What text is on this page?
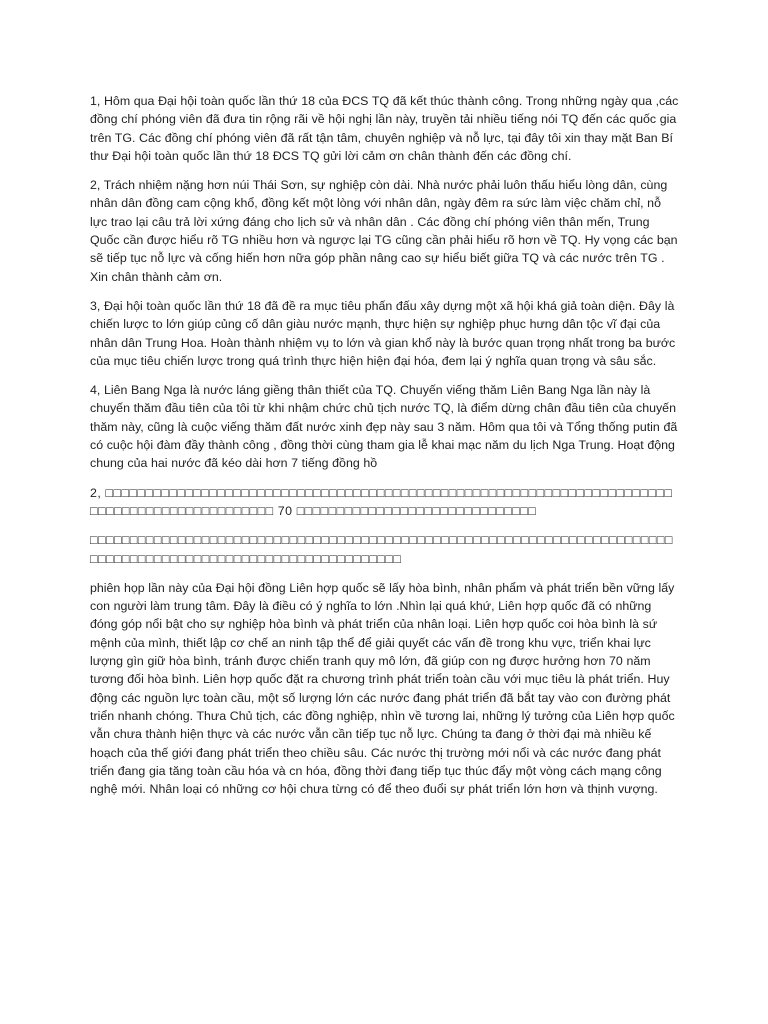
1, Hôm qua Đại hội toàn quốc lần thứ 18 của ĐCS TQ đã kết thúc thành công. Trong những ngày qua ,các đồng chí phóng viên đã đưa tin rộng rãi về hội nghị lần này, truyền tải nhiều tiếng nói TQ đến các quốc gia trên TG. Các đồng chí phóng viên đã rất tận tâm, chuyên nghiệp và nỗ lực, tại đây tôi xin thay mặt Ban Bí thư Đại hội toàn quốc lần thứ 18 ĐCS TQ gửi lời cảm ơn chân thành đến các đồng chí.

2, Trách nhiệm nặng hơn núi Thái Sơn, sự nghiệp còn dài. Nhà nước phải luôn thấu hiểu lòng dân, cùng nhân dân đồng cam cộng khổ, đồng kết một lòng với nhân dân, ngày đêm ra sức làm việc chăm chỉ, nỗ lực trao lại câu trả lời xứng đáng cho lịch sử và nhân dân . Các đồng chí phóng viên thân mến, Trung Quốc cần được hiểu rõ TG nhiều hơn và ngược lại TG cũng cần phải hiểu rõ hơn về TQ. Hy vọng các bạn sẽ tiếp tục nỗ lực và cống hiến hơn nữa góp phần nâng cao sự hiểu biết giữa TQ và các nước trên TG . Xin chân thành cảm ơn.

3, Đại hội toàn quốc lần thứ 18 đã đề ra mục tiêu phấn đấu xây dựng một xã hội khá giả toàn diện. Đây là chiến lược to lớn giúp củng cố dân giàu nước mạnh, thực hiện sự nghiệp phục hưng dân tộc vĩ đại của nhân dân Trung Hoa. Hoàn thành nhiệm vụ to lớn và gian khổ này là bước quan trọng nhất trong ba bước của mục tiêu chiến lược trong quá trình thực hiện hiện đại hóa, đem lại ý nghĩa quan trọng và sâu sắc.

4, Liên Bang Nga là nước láng giềng thân thiết của TQ. Chuyến viếng thăm Liên Bang Nga lần này là chuyến thăm đầu tiên của tôi từ khi nhậm chức chủ tịch nước TQ, là điểm dừng chân đầu tiên của chuyến thăm này, cũng là cuộc viếng thăm đất nước xinh đẹp này sau 3 năm. Hôm qua tôi và Tổng thống putin đã có cuộc hội đàm đầy thành công , đồng thời cùng tham gia lễ khai mạc năm du lịch Nga Trung. Hoạt động chung của hai nước đã kéo dài hơn 7 tiếng đồng hồ

2, □□□□□□□□□□□□□□□□□□□□□□□□□□□□□□□□□□□□□□□□□□□□□□□□□□□□□□□□□□□□□□□□□□□□□□□□□□□□□□□□□□□□□□□□□□□□□□ 70 □□□□□□□□□□□□□□□□□□□□□□□□□□□□□□

□□□□□□□□□□□□□□□□□□□□□□□□□□□□□□□□□□□□□□□□□□□□□□□□□□□□□□□□□□□□□□□□□□□□□□□□□□□□□□□□□□□□□□□□□□□□□□□□□□□□□□□□□□□□□□□□

phiên họp lần này của Đại hội đồng Liên hợp quốc sẽ lấy hòa bình, nhân phẩm và phát triển bền vững lấy con người làm trung tâm. Đây là điều có ý nghĩa to lớn .Nhìn lại quá khứ, Liên hợp quốc đã có những đóng góp nổi bật cho sự nghiệp hòa bình và phát triển của nhân loại. Liên hợp quốc coi hòa bình là sứ mệnh của mình, thiết lập cơ chế an ninh tập thể để giải quyết các vấn đề trong khu vực, triển khai lực lượng gìn giữ hòa bình, tránh được chiến tranh quy mô lớn, đã giúp con ng được hưởng hơn 70 năm tương đối hòa bình. Liên hợp quốc đặt ra chương trình phát triển toàn cầu với mục tiêu là phát triển. Huy động các nguồn lực toàn cầu, một số lượng lớn các nước đang phát triển đã bắt tay vào con đường phát triển nhanh chóng. Thưa Chủ tịch, các đồng nghiệp, nhìn về tương lai, những lý tưởng của Liên hợp quốc vẫn chưa thành hiện thực và các nước vẫn cần tiếp tục nỗ lực. Chúng ta đang ở thời đại mà nhiều kế hoạch của thế giới đang phát triển theo chiều sâu. Các nước thị trường mới nổi và các nước đang phát triển đang gia tăng toàn cầu hóa và cn hóa, đồng thời đang tiếp tục thúc đẩy một vòng cách mạng công nghệ mới. Nhân loại có những cơ hội chưa từng có để theo đuổi sự phát triển lớn hơn và thịnh vượng.
